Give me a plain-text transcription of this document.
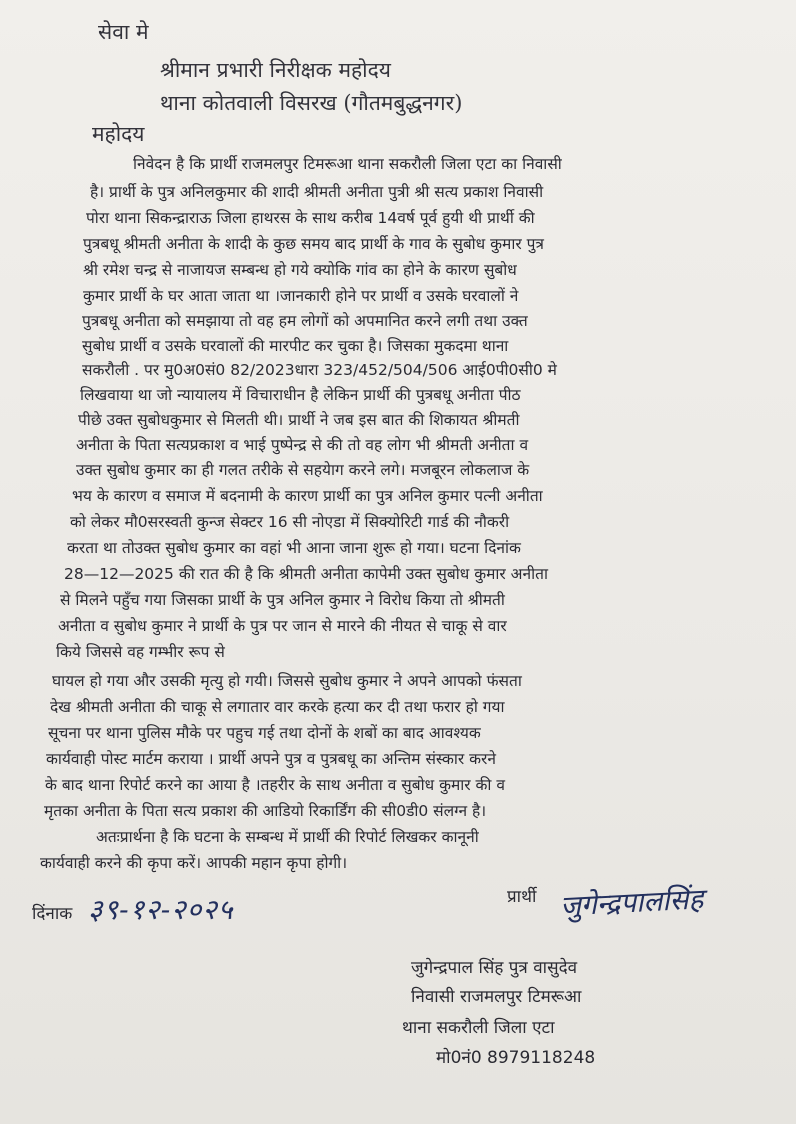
सेवा मे
श्रीमान प्रभारी निरीक्षक महोदय
थाना कोतवाली विसरख (गौतमबुद्धनगर)
महोदय
निवेदन है कि प्रार्थी राजमलपुर टिमरूआ थाना सकरौली जिला एटा का निवासी
है। प्रार्थी के पुत्र अनिलकुमार की शादी श्रीमती अनीता पुत्री श्री सत्य प्रकाश निवासी
पोरा थाना सिकन्द्राराऊ जिला हाथरस के साथ करीब 14वर्ष पूर्व हुयी थी प्रार्थी की
पुत्रबधू श्रीमती अनीता के शादी के कुछ समय बाद प्रार्थी के गाव के सुबोध कुमार पुत्र
श्री रमेश चन्द्र से नाजायज सम्बन्ध हो गये क्योकि गांव का होने के कारण सुबोध
कुमार प्रार्थी के घर आता जाता था ।जानकारी होने पर प्रार्थी व उसके घरवालों ने
पुत्रबधू अनीता को समझाया तो वह हम लोगों को अपमानित करने लगी तथा उक्त
सुबोध प्रार्थी व उसके घरवालों की मारपीट कर चुका है। जिसका मुकदमा थाना
सकरौली . पर मु0अ0सं0 82/2023धारा 323/452/504/506 आई0पी0सी0 मे
लिखवाया था जो न्यायालय में विचाराधीन है लेकिन प्रार्थी की पुत्रबधू अनीता पीठ
पीछे उक्त सुबोधकुमार से मिलती थी। प्रार्थी ने जब इस बात की शिकायत श्रीमती
अनीता के पिता सत्यप्रकाश व भाई पुष्पेन्द्र से की तो वह लोग भी श्रीमती अनीता व
उक्त सुबोध कुमार का ही गलत तरीके से सहयेाग करने लगे। मजबूरन लोकलाज के
भय के कारण व समाज में बदनामी के कारण प्रार्थी का पुत्र अनिल कुमार पत्नी अनीता
को लेकर मौ0सरस्वती कुन्ज सेक्टर 16 सी नोएडा में सिक्योरिटी गार्ड की नौकरी
करता था तोउक्त सुबोध कुमार का वहां भी आना जाना शुरू हो गया। घटना दिनांक
28—12—2025 की रात की है कि श्रीमती अनीता कापेमी उक्त सुबोध कुमार अनीता
से मिलने पहुँच गया जिसका प्रार्थी के पुत्र अनिल कुमार ने विरोध किया तो श्रीमती
अनीता व सुबोध कुमार ने प्रार्थी के पुत्र पर जान से मारने की नीयत से चाकू से वार
किये जिससे वह गम्भीर रूप से
घायल हो गया और उसकी मृत्यु हो गयी। जिससे सुबोध कुमार ने अपने आपको फंसता
देख श्रीमती अनीता की चाकू से लगातार वार करके हत्या कर दी तथा फरार हो गया
सूचना पर थाना पुलिस मौके पर पहुच गई तथा दोनों के शबों का बाद आवश्यक
कार्यवाही पोस्ट मार्टम कराया । प्रार्थी अपने पुत्र व पुत्रबधू का अन्तिम संस्कार करने
के बाद थाना रिपोर्ट करने का आया है ।तहरीर के साथ अनीता व सुबोध कुमार की व
मृतका अनीता के पिता सत्य प्रकाश की आडियो रिकार्डिंग की सी0डी0 संलग्न है।
अतःप्रार्थना है कि घटना के सम्बन्ध में प्रार्थी की रिपोर्ट लिखकर कानूनी
कार्यवाही करने की कृपा करें। आपकी महान कृपा होगी।
दिंनाक ३९-१२-२०२५	प्रार्थी जुगेन्द्रपालसिंह
जुगेन्द्रपाल सिंह पुत्र वासुदेव
निवासी राजमलपुर टिमरूआ
थाना सकरौली जिला एटा
मो0नं0 8979118248
